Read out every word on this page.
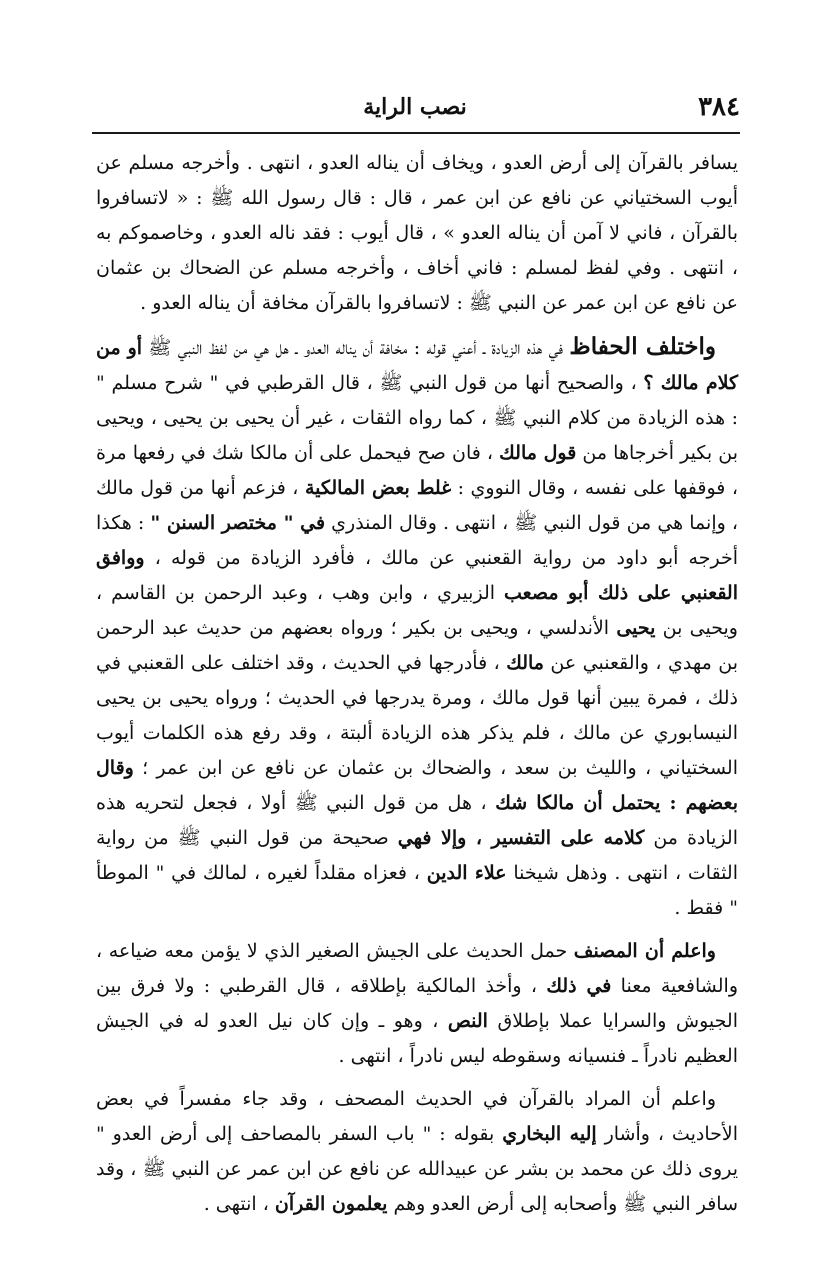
٣٨٤
نصب الراية

يسافر بالقرآن إلى أرض العدو ، ويخاف أن يناله العدو ، انتهى . وأخرجه مسلم عن أيوب السختياني عن نافع عن ابن عمر ، قال : قال رسول الله ﷺ : « لاتسافروا بالقرآن ، فاني لا آمن أن يناله العدو » ، قال أيوب : فقد ناله العدو ، وخاصموكم به ، انتهى . وفي لفظ لمسلم : فاني أخاف ، وأخرجه مسلم عن الضحاك بن عثمان عن نافع عن ابن عمر عن النبي ﷺ : لاتسافروا بالقرآن مخافة أن يناله العدو .

واختلف الحفاظ في هذه الزيادة ـ أعني قوله : مخافة أن يناله العدو ـ هل هي من لفظ النبي ﷺ أو من كلام مالك ؟ ، والصحيح أنها من قول النبي ﷺ ، قال القرطبي في " شرح مسلم " : هذه الزيادة من كلام النبي ﷺ ، كما رواه الثقات ، غير أن يحيى بن يحيى ، ويحيى بن بكير أخرجاها من قول مالك ، فان صح فيحمل على أن مالكا شك في رفعها مرة ، فوقفها على نفسه ، وقال النووي : غلط بعض المالكية ، فزعم أنها من قول مالك ، وإنما هي من قول النبي ﷺ ، انتهى . وقال المنذري في " مختصر السنن " : هكذا أخرجه أبو داود من رواية القعنبي عن مالك ، فأفرد الزيادة من قوله ، ووافق القعنبي على ذلك أبو مصعب الزبيري ، وابن وهب ، وعبد الرحمن بن القاسم ، ويحيى بن يحيى الأندلسي ، ويحيى بن بكير ؛ ورواه بعضهم من حديث عبد الرحمن بن مهدي ، والقعنبي عن مالك ، فأدرجها في الحديث ، وقد اختلف على القعنبي في ذلك ، فمرة يبين أنها قول مالك ، ومرة يدرجها في الحديث ؛ ورواه يحيى بن يحيى النيسابوري عن مالك ، فلم يذكر هذه الزيادة ألبتة ، وقد رفع هذه الكلمات أيوب السختياني ، والليث بن سعد ، والضحاك بن عثمان عن نافع عن ابن عمر ؛ وقال بعضهم : يحتمل أن مالكا شك ، هل من قول النبي ﷺ أولا ، فجعل لتحريه هذه الزيادة من كلامه على التفسير ، وإلا فهي صحيحة من قول النبي ﷺ من رواية الثقات ، انتهى . وذهل شيخنا علاء الدين ، فعزاه مقلداً لغيره ، لمالك في " الموطأ " فقط .

واعلم أن المصنف حمل الحديث على الجيش الصغير الذي لا يؤمن معه ضياعه ، والشافعية معنا في ذلك ، وأخذ المالكية بإطلاقه ، قال القرطبي : ولا فرق بين الجيوش والسرايا عملا بإطلاق النص ، وهو ـ وإن كان نيل العدو له في الجيش العظيم نادراً ـ فنسيانه وسقوطه ليس نادراً ، انتهى .

واعلم أن المراد بالقرآن في الحديث المصحف ، وقد جاء مفسراً في بعض الأحاديث ، وأشار إليه البخاري بقوله : " باب السفر بالمصاحف إلى أرض العدو " يروى ذلك عن محمد بن بشر عن عبيدالله عن نافع عن ابن عمر عن النبي ﷺ ، وقد سافر النبي ﷺ وأصحابه إلى أرض العدو وهم يعلمون القرآن ، انتهى .
